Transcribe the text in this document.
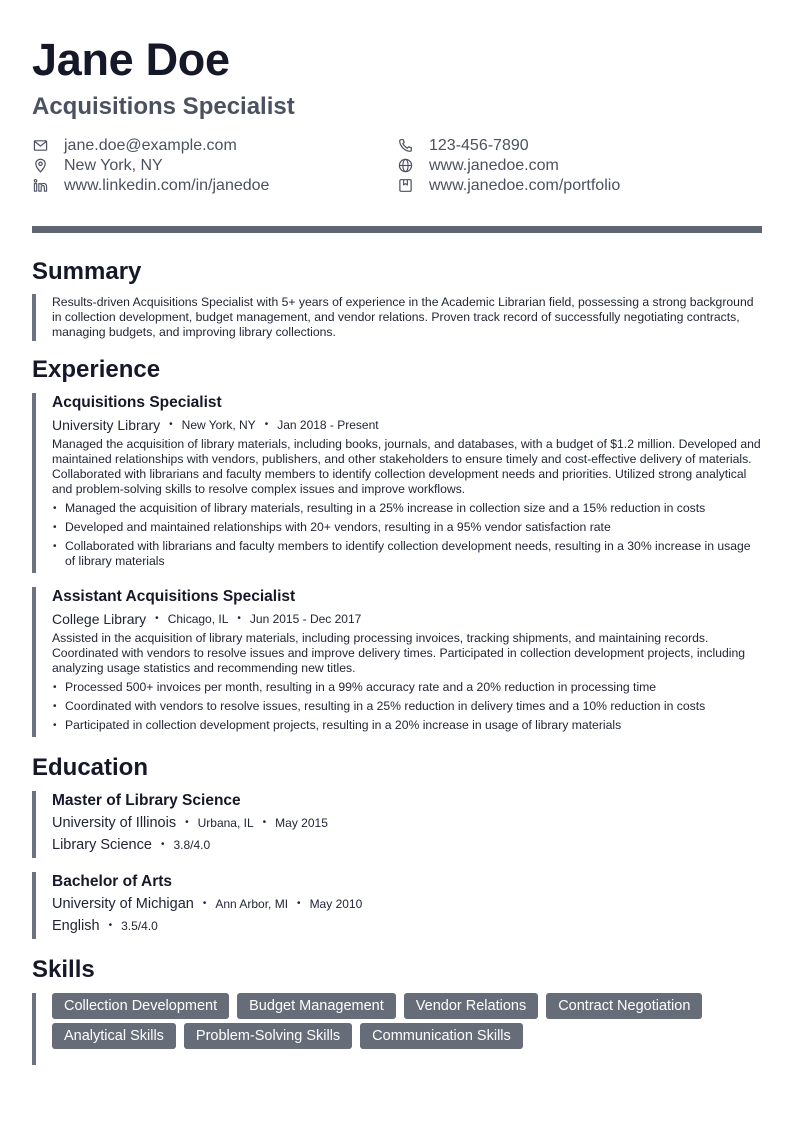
Jane Doe
Acquisitions Specialist
jane.doe@example.com	123-456-7890
New York, NY	www.janedoe.com
www.linkedin.com/in/janedoe	www.janedoe.com/portfolio
Summary
Results-driven Acquisitions Specialist with 5+ years of experience in the Academic Librarian field, possessing a strong background in collection development, budget management, and vendor relations. Proven track record of successfully negotiating contracts, managing budgets, and improving library collections.
Experience
Acquisitions Specialist
University Library • New York, NY • Jan 2018 - Present
Managed the acquisition of library materials, including books, journals, and databases, with a budget of $1.2 million. Developed and maintained relationships with vendors, publishers, and other stakeholders to ensure timely and cost-effective delivery of materials. Collaborated with librarians and faculty members to identify collection development needs and priorities. Utilized strong analytical and problem-solving skills to resolve complex issues and improve workflows.
• Managed the acquisition of library materials, resulting in a 25% increase in collection size and a 15% reduction in costs
• Developed and maintained relationships with 20+ vendors, resulting in a 95% vendor satisfaction rate
• Collaborated with librarians and faculty members to identify collection development needs, resulting in a 30% increase in usage of library materials
Assistant Acquisitions Specialist
College Library • Chicago, IL • Jun 2015 - Dec 2017
Assisted in the acquisition of library materials, including processing invoices, tracking shipments, and maintaining records. Coordinated with vendors to resolve issues and improve delivery times. Participated in collection development projects, including analyzing usage statistics and recommending new titles.
• Processed 500+ invoices per month, resulting in a 99% accuracy rate and a 20% reduction in processing time
• Coordinated with vendors to resolve issues, resulting in a 25% reduction in delivery times and a 10% reduction in costs
• Participated in collection development projects, resulting in a 20% increase in usage of library materials
Education
Master of Library Science
University of Illinois • Urbana, IL • May 2015
Library Science • 3.8/4.0
Bachelor of Arts
University of Michigan • Ann Arbor, MI • May 2010
English • 3.5/4.0
Skills
Collection Development	Budget Management	Vendor Relations	Contract Negotiation
Analytical Skills	Problem-Solving Skills	Communication Skills
